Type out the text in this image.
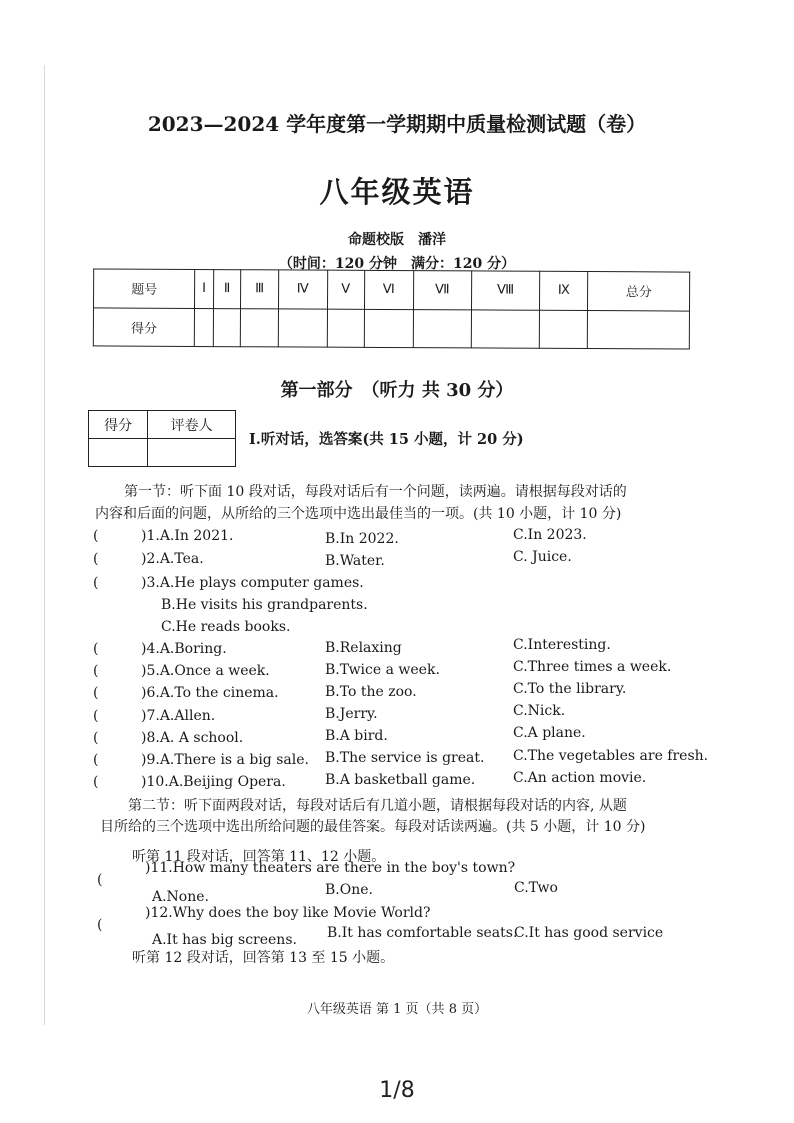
2023—2024 学年度第一学期期中质量检测试题（卷）
八年级英语
命题校版　潘洋
（时间：120 分钟　满分：120 分）
题号	Ⅰ	Ⅱ	Ⅲ	Ⅳ	Ⅴ	Ⅵ	Ⅶ	Ⅷ	Ⅸ	总分
得分										
第一部分　（听力 共 30 分）
得分	评卷人

I.听对话，选答案(共 15 小题，计 20 分)
第一节：听下面 10 段对话，每段对话后有一个问题，读两遍。请根据每段对话的
内容和后面的问题，从所给的三个选项中选出最佳当的一项。(共 10 小题，计 10 分)
(	)1.A.In 2021.	B.In 2022.	C.In 2023.
(	)2.A.Tea.	B.Water.	C. Juice.
(	)3.A.He plays computer games.
B.He visits his grandparents.
C.He reads books.
(	)4.A.Boring.	B.Relaxing	C.Interesting.
(	)5.A.Once a week.	B.Twice a week.	C.Three times a week.
(	)6.A.To the cinema.	B.To the zoo.	C.To the library.
(	)7.A.Allen.	B.Jerry.	C.Nick.
(	)8.A. A school.	B.A bird.	C.A plane.
(	)9.A.There is a big sale. B.The service is great. C.The vegetables are fresh.
(	)10.A.Beijing Opera.	B.A basketball game.	C.An action movie.
第二节：听下面两段对话，每段对话后有几道小题，请根据每段对话的内容, 从题
目所给的三个选项中选出所给问题的最佳答案。每段对话读两遍。(共 5 小题，计 10 分)
听第 11 段对话，回答第 11、12 小题。
(
)11.How many theaters are there in the boy's town?
A.None.	B.One.	C.Two
(
)12.Why does the boy like Movie World?
A.It has big screens. B.It has comfortable seats.
C.It has good service
听第 12 段对话，回答第 13 至 15 小题。
八年级英语 第 1 页（共 8 页）
1/8
